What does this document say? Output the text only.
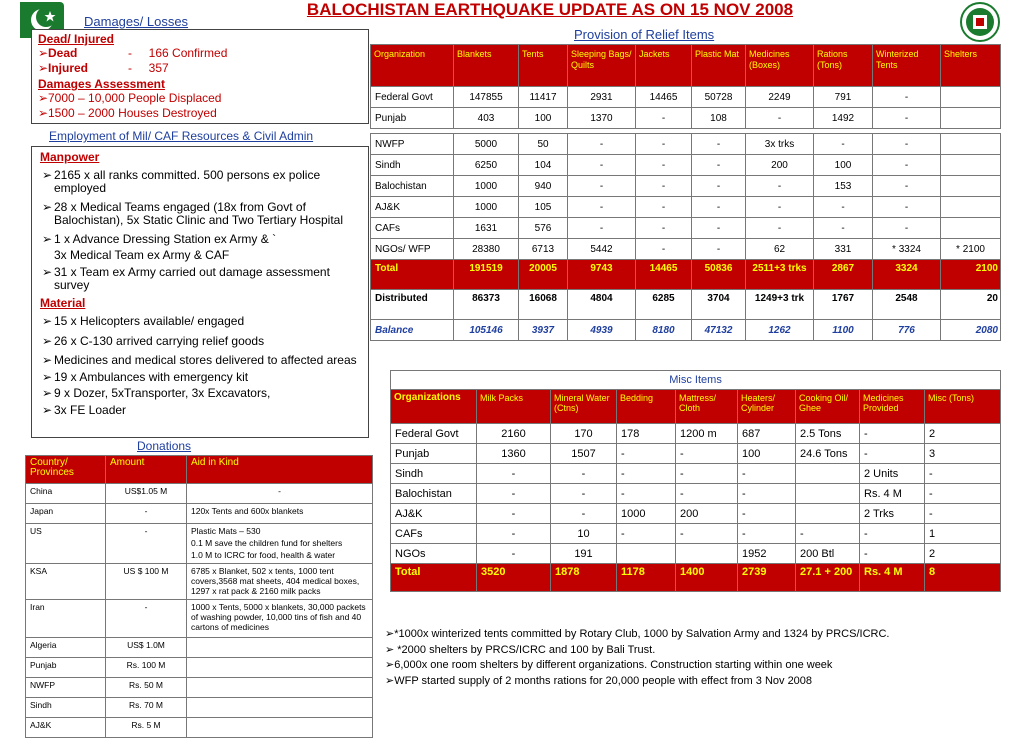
BALOCHISTAN EARTHQUAKE UPDATE AS ON 15 NOV 2008
Damages/ Losses
Dead/ Injured
➢Dead	- 166 Confirmed
➢Injured	- 357
Damages Assessment
➢7000 – 10,000 People Displaced
➢1500 – 2000 Houses Destroyed
Employment of Mil/ CAF Resources & Civil Admin
Manpower
➢ 2165 x all ranks committed. 500 persons ex police employed
➢ 28 x Medical Teams engaged (18x from Govt of Balochistan), 5x Static Clinic and Two Tertiary Hospital
➢ 1 x Advance Dressing Station ex Army & `
3x Medical Team ex Army & CAF
➢ 31 x Team ex Army carried out damage assessment survey
Material
➢ 15 x Helicopters available/ engaged
➢ 26 x C-130 arrived carrying relief goods
➢ Medicines and medical stores delivered to affected areas
➢ 19 x Ambulances with emergency kit
➢ 9 x Dozer, 5xTransporter, 3x Excavators,
➢ 3x FE Loader
Provision of Relief Items
Organization	Blankets	Tents	Sleeping Bags/ Quilts	Jackets	Plastic Mat	Medicines (Boxes)	Rations (Tons)	Winterized Tents	Shelters
Federal Govt	147855	11417	2931	14465	50728	2249	791	-	
Punjab	403	100	1370	-	108	-	1492	-	

NWFP	5000	50	-	-	-	3x trks	-	-	
Sindh	6250	104	-	-	-	200	100	-	
Balochistan	1000	940	-	-	-	-	153	-	
AJ&K	1000	105	-	-	-	-	-	-	
CAFs	1631	576	-	-	-	-	-	-	
NGOs/ WFP	28380	6713	5442	-	-	62	331	* 3324	* 2100
Total	191519	20005	9743	14465	50836	2511+3 trks	2867	3324	2100
Distributed	86373	16068	4804	6285	3704	1249+3 trk	1767	2548	20
Balance	105146	3937	4939	8180	47132	1262	1100	776	2080
Misc Items								
Organizations	Milk Packs	Mineral Water (Ctns)	Bedding	Mattress/ Cloth	Heaters/ Cylinder	Cooking Oil/ Ghee	Medicines Provided	Misc (Tons)
Federal Govt	2160	170	178	1200 m	687	2.5 Tons	-	2
Punjab	1360	1507	-	-	100	24.6 Tons	-	3
Sindh	-	-	-	-	-		2 Units	-
Balochistan	-	-	-	-	-		Rs. 4 M	-
AJ&K	-	-	1000	200	-		2 Trks	-
CAFs	-	10	-	-	-	-	-	1
NGOs	-	191			1952	200 Btl	-	2
Total	3520	1878	1178	1400	2739	27.1 + 200	Rs. 4 M	8
Donations
Country/ Provinces	Amount	Aid in Kind
China	US$1.05 M	-

Japan	-	120x Tents and 600x blankets

US	-	Plastic Mats – 530
0.1 M save the children fund for shelters
1.0 M to ICRC for food, health & water

KSA	US $ 100 M	6785 x Blanket, 502 x tents, 1000 tent covers,3568 mat sheets, 404 medical boxes, 1297 x rat pack & 2160 milk packs

Iran	-	1000 x Tents, 5000 x blankets, 30,000 packets of washing powder, 10,000 tins of fish and 40 cartons of medicines

Algeria	US$ 1.0M	

Punjab	Rs. 100 M	

NWFP	Rs. 50 M	

Sindh	Rs. 70 M	

AJ&K	Rs. 5 M	
➢*1000x winterized tents committed by Rotary Club, 1000 by Salvation Army and 1324 by PRCS/ICRC.
➢ *2000 shelters by PRCS/ICRC and 100 by Bali Trust.
➢6,000x one room shelters by different organizations. Construction starting within one week
➢WFP started supply of 2 months rations for 20,000 people with effect from 3 Nov 2008
